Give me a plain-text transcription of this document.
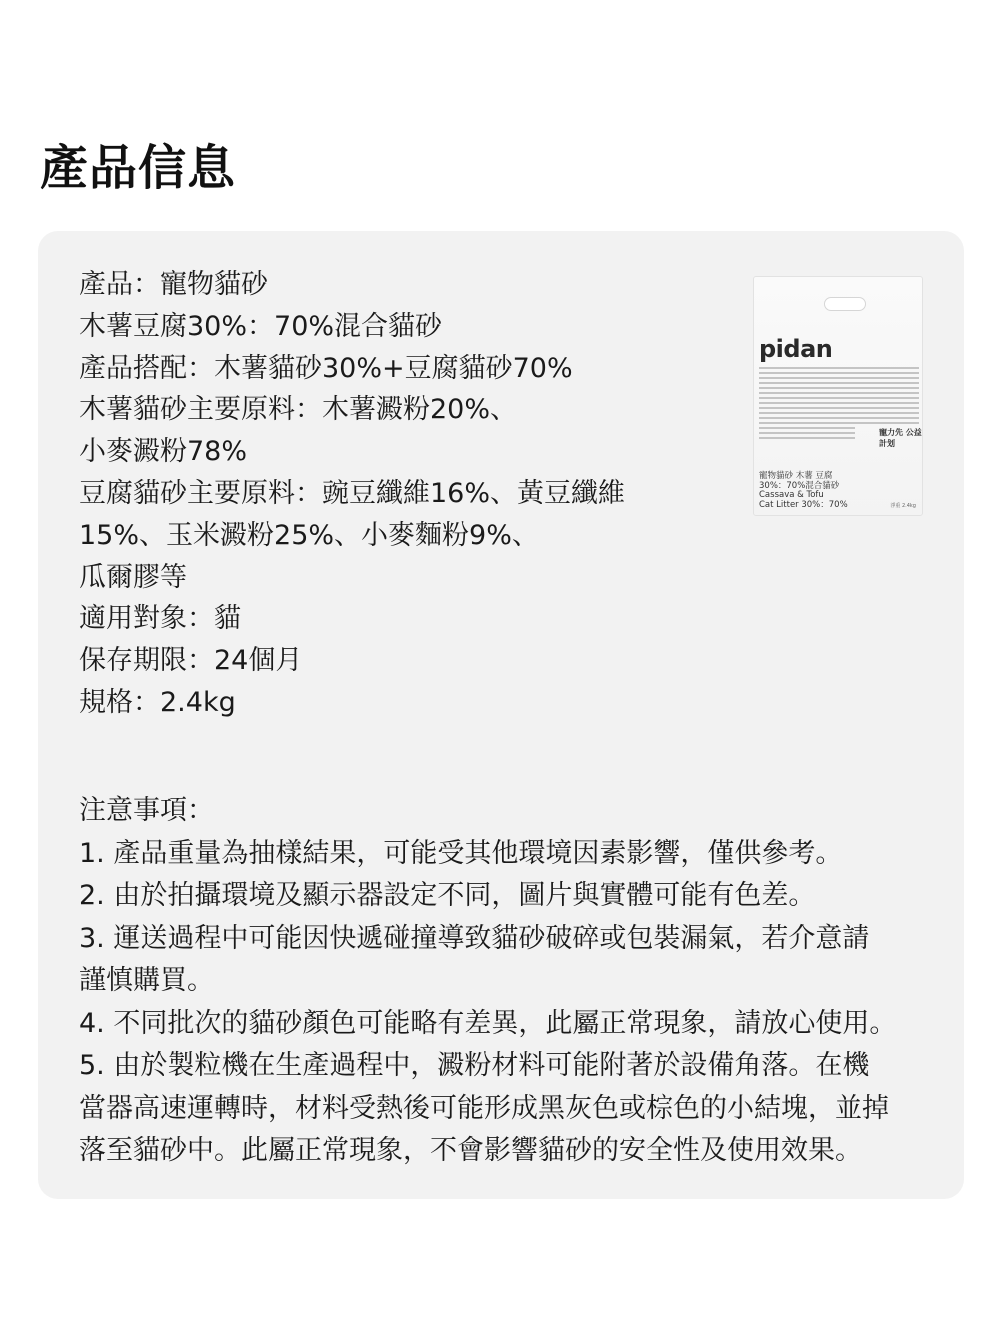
產品信息
產品：寵物貓砂
木薯豆腐30%：70%混合貓砂
產品搭配：木薯貓砂30%+豆腐貓砂70%
木薯貓砂主要原料：木薯澱粉20%、
小麥澱粉78%
豆腐貓砂主要原料：豌豆纖維16%、黃豆纖維
15%、玉米澱粉25%、小麥麵粉9%、
瓜爾膠等
適用對象：貓
保存期限：24個月
規格：2.4kg
pidan
寵力先 公益計划
寵物貓砂 木薯 豆腐
30%：70%混合貓砂
Cassava & Tofu
Cat Litter 30%：70%	淨重 2.4kg
注意事項：
1. 產品重量為抽樣結果，可能受其他環境因素影響，僅供參考。
2. 由於拍攝環境及顯示器設定不同，圖片與實體可能有色差。
3. 運送過程中可能因快遞碰撞導致貓砂破碎或包裝漏氣，若介意請
謹慎購買。
4. 不同批次的貓砂顏色可能略有差異，此屬正常現象，請放心使用。
5. 由於製粒機在生產過程中，澱粉材料可能附著於設備角落。在機
當器高速運轉時，材料受熱後可能形成黑灰色或棕色的小結塊，並掉
落至貓砂中。此屬正常現象，不會影響貓砂的安全性及使用效果。
